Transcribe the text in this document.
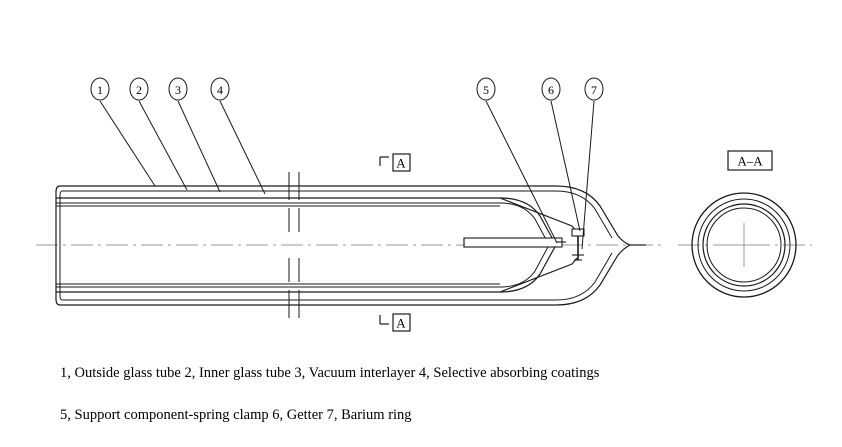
1	2	3	4	5	6	7
A
A
A–A

1, Outside glass tube 2, Inner glass tube 3, Vacuum interlayer 4, Selective absorbing coatings

5, Support component-spring clamp 6, Getter 7, Barium ring
